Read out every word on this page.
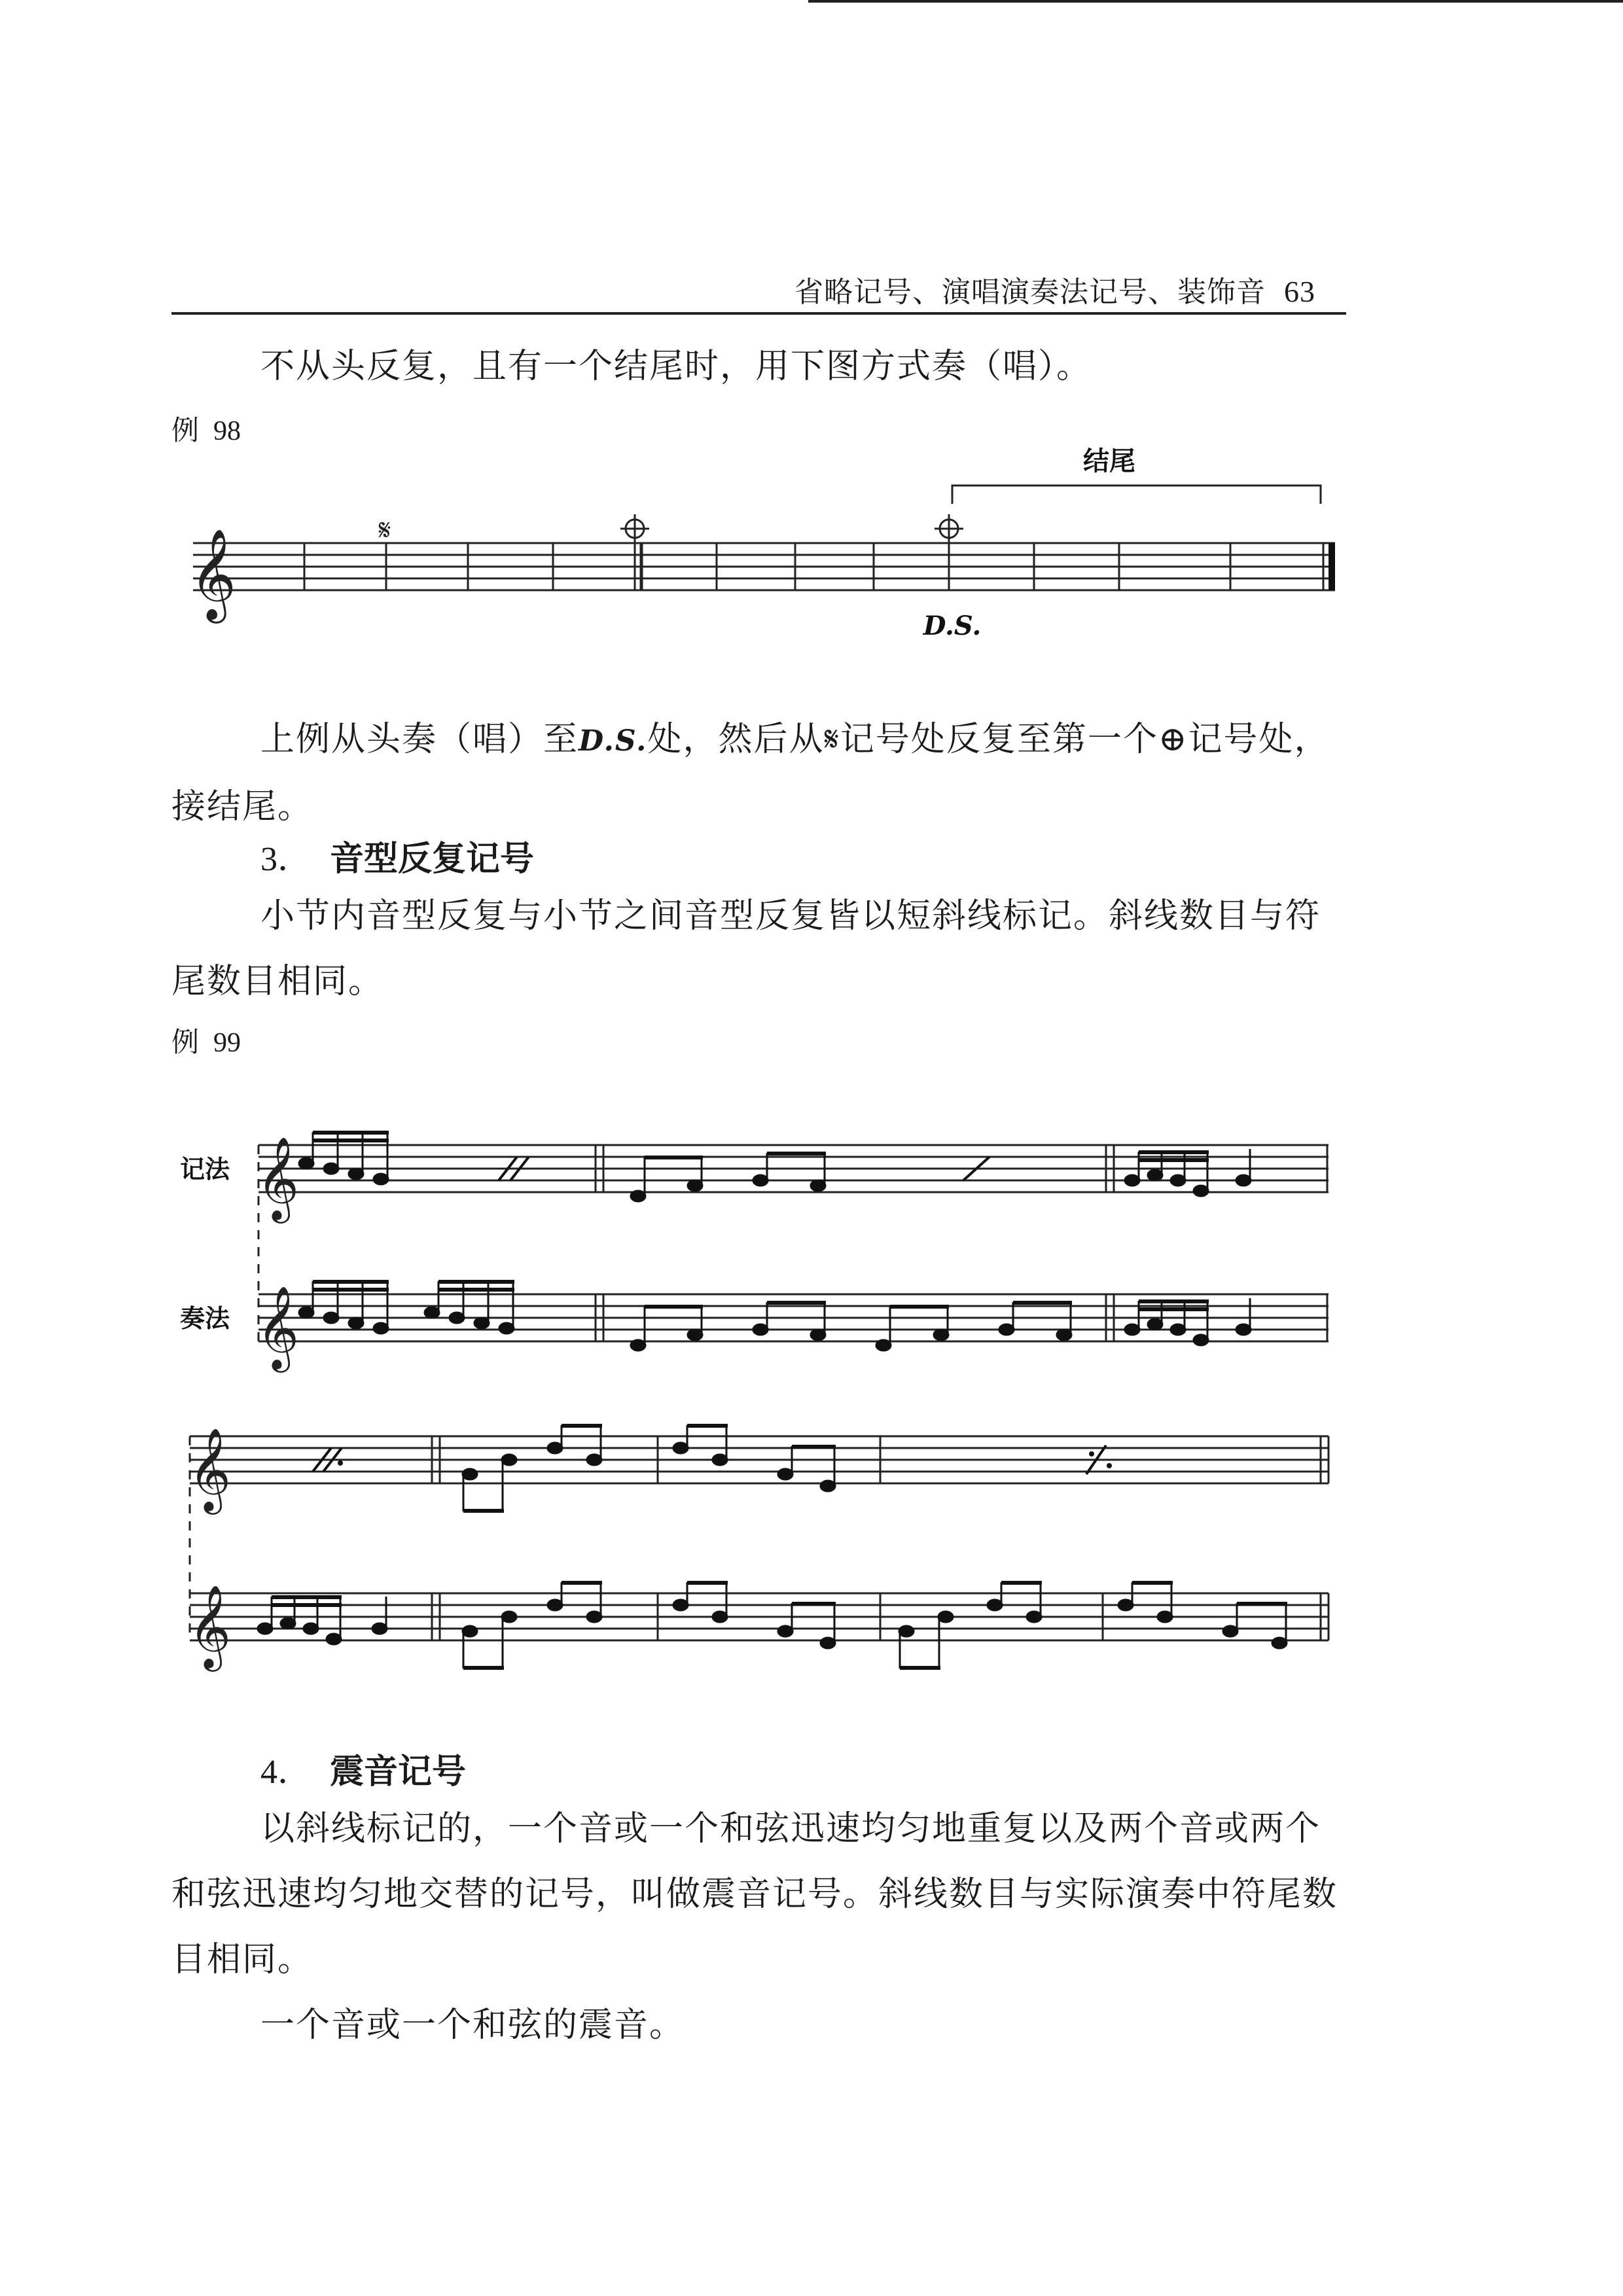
省略记号、演唱演奏法记号、装饰音 63
不从头反复，且有一个结尾时，用下图方式奏（唱）。
例 98
𝄞	𝄋
结尾
D.S.
上例从头奏（唱）至D.S.处，然后从𝄋记号处反复至第一个⊕记号处，接结尾。
3． 音型反复记号
小节内音型反复与小节之间音型反复皆以短斜线标记。斜线数目与符尾数目相同。
例 99
𝄞
𝄞
𝄞
𝄞
记法
奏法
4． 震音记号
以斜线标记的，一个音或一个和弦迅速均匀地重复以及两个音或两个和弦迅速均匀地交替的记号，叫做震音记号。斜线数目与实际演奏中符尾数目相同。
一个音或一个和弦的震音。
